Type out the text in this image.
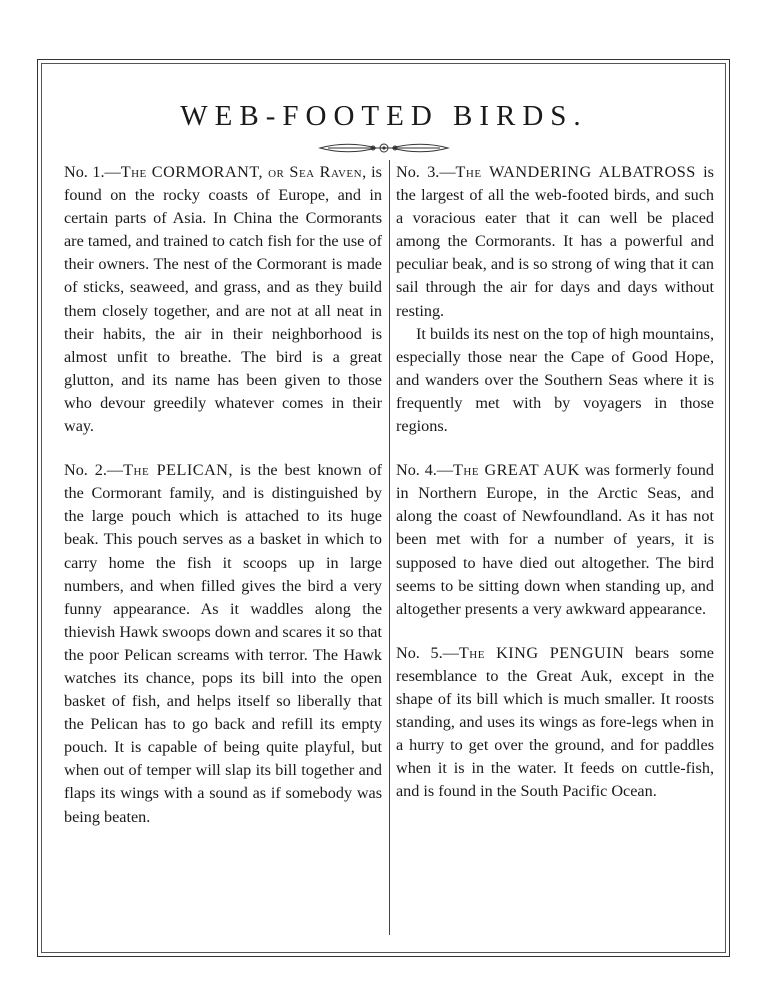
WEB-FOOTED BIRDS.

No. 1.—The CORMORANT, or Sea Raven, is found on the rocky coasts of Europe, and in certain parts of Asia. In China the Cormorants are tamed, and trained to catch fish for the use of their owners. The nest of the Cormorant is made of sticks, seaweed, and grass, and as they build them closely together, and are not at all neat in their habits, the air in their neighborhood is almost unfit to breathe. The bird is a great glutton, and its name has been given to those who devour greedily whatever comes in their way.

No. 2.—The PELICAN, is the best known of the Cormorant family, and is distinguished by the large pouch which is attached to its huge beak. This pouch serves as a basket in which to carry home the fish it scoops up in large numbers, and when filled gives the bird a very funny appearance. As it waddles along the thievish Hawk swoops down and scares it so that the poor Pelican screams with terror. The Hawk watches its chance, pops its bill into the open basket of fish, and helps itself so liberally that the Pelican has to go back and refill its empty pouch. It is capable of being quite playful, but when out of temper will slap its bill together and flaps its wings with a sound as if somebody was being beaten.

No. 3.—The WANDERING ALBATROSS is the largest of all the web-footed birds, and such a voracious eater that it can well be placed among the Cormorants. It has a powerful and peculiar beak, and is so strong of wing that it can sail through the air for days and days without resting.

It builds its nest on the top of high mountains, especially those near the Cape of Good Hope, and wanders over the Southern Seas where it is frequently met with by voyagers in those regions.

No. 4.—The GREAT AUK was formerly found in Northern Europe, in the Arctic Seas, and along the coast of Newfoundland. As it has not been met with for a number of years, it is supposed to have died out altogether. The bird seems to be sitting down when standing up, and altogether presents a very awkward appearance.

No. 5.—The KING PENGUIN bears some resemblance to the Great Auk, except in the shape of its bill which is much smaller. It roosts standing, and uses its wings as fore-legs when in a hurry to get over the ground, and for paddles when it is in the water. It feeds on cuttle-fish, and is found in the South Pacific Ocean.
